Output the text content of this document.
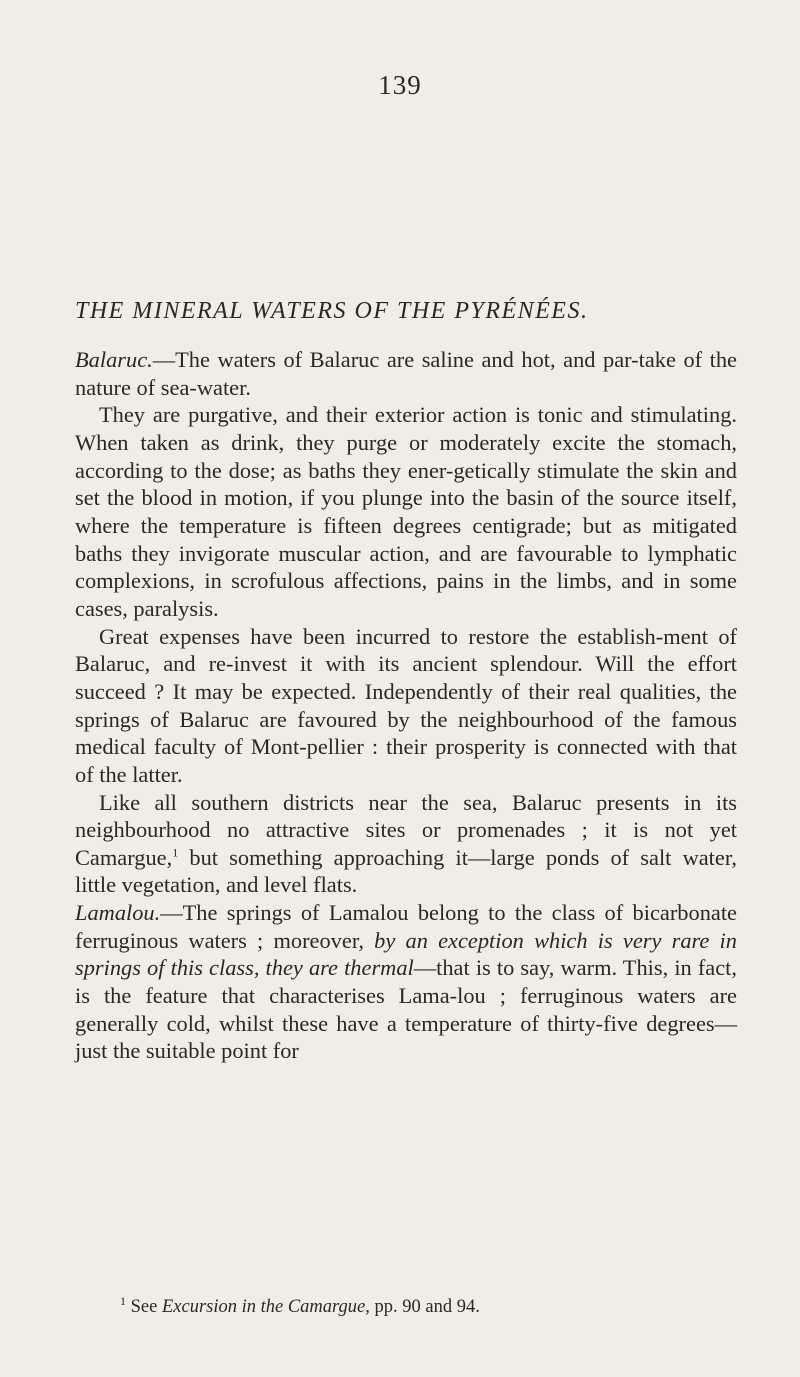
139
THE MINERAL WATERS OF THE PYRÉNÉES.

Balaruc.—The waters of Balaruc are saline and hot, and par-take of the nature of sea-water.

They are purgative, and their exterior action is tonic and stimulating. When taken as drink, they purge or moderately excite the stomach, according to the dose; as baths they ener-getically stimulate the skin and set the blood in motion, if you plunge into the basin of the source itself, where the temperature is fifteen degrees centigrade; but as mitigated baths they invigorate muscular action, and are favourable to lymphatic complexions, in scrofulous affections, pains in the limbs, and in some cases, paralysis.

Great expenses have been incurred to restore the establish-ment of Balaruc, and re-invest it with its ancient splendour. Will the effort succeed ? It may be expected. Independently of their real qualities, the springs of Balaruc are favoured by the neighbourhood of the famous medical faculty of Mont-pellier : their prosperity is connected with that of the latter.

Like all southern districts near the sea, Balaruc presents in its neighbourhood no attractive sites or promenades ; it is not yet Camargue,$^1$ but something approaching it—large ponds of salt water, little vegetation, and level flats.

Lamalou.—The springs of Lamalou belong to the class of bicarbonate ferruginous waters ; moreover, by an exception which is very rare in springs of this class, they are thermal—that is to say, warm. This, in fact, is the feature that characterises Lama-lou ; ferruginous waters are generally cold, whilst these have a temperature of thirty-five degrees—just the suitable point for

$^1$ See Excursion in the Camargue, pp. 90 and 94.
